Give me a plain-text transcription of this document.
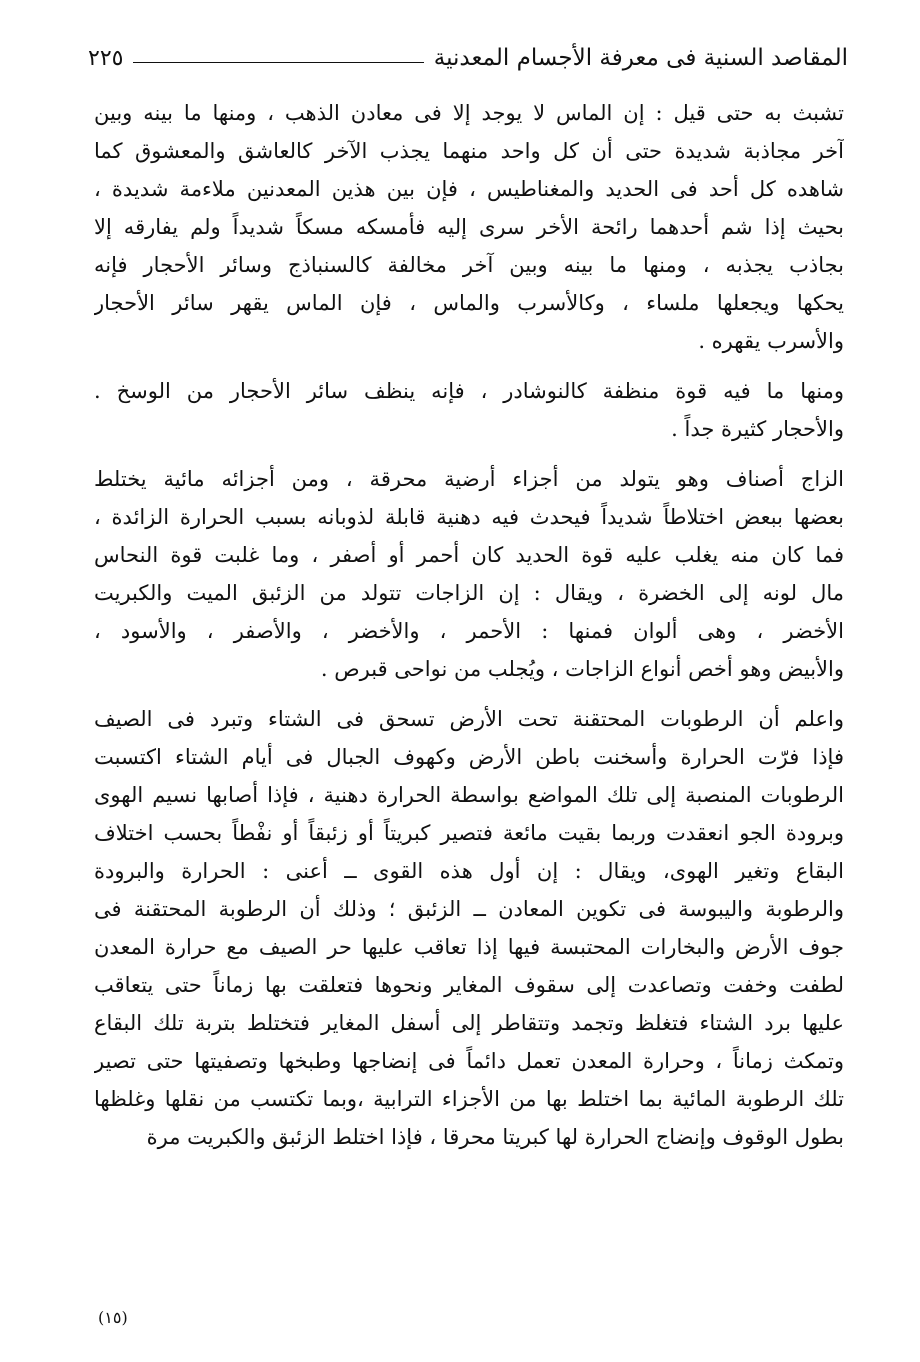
المقاصد السنية فى معرفة الأجسام المعدنية
٢٢٥
تشبث به حتى قيل : إن الماس لا يوجد إلا فى معادن الذهب ، ومنها ما بينه وبين
آخر مجاذبة شديدة حتى أن كل واحد منهما يجذب الآخر كالعاشق والمعشوق كما
شاهده كل أحد فى الحديد والمغناطيس ، فإن بين هذين المعدنين ملاءمة شديدة ،
بحيث إذا شم أحدهما رائحة الأخر سرى إليه فأمسكه مسكاً شديداً ولم يفارقه إلا
بجاذب يجذبه ، ومنها ما بينه وبين آخر مخالفة كالسنباذج وسائر الأحجار فإنه
يحكها ويجعلها ملساء ، وكالأسرب والماس ، فإن الماس يقهر سائر الأحجار
والأسرب يقهره .
ومنها ما فيه قوة منظفة كالنوشادر ، فإنه ينظف سائر الأحجار من الوسخ .
والأحجار كثيرة جداً .
الزاج أصناف وهو يتولد من أجزاء أرضية محرقة ، ومن أجزائه مائية يختلط
بعضها ببعض اختلاطاً شديداً فيحدث فيه دهنية قابلة لذوبانه بسبب الحرارة الزائدة ،
فما كان منه يغلب عليه قوة الحديد كان أحمر أو أصفر ، وما غلبت قوة النحاس
مال لونه إلى الخضرة ، ويقال : إن الزاجات تتولد من الزئبق الميت والكبريت
الأخضر ، وهى ألوان فمنها : الأحمر ، والأخضر ، والأصفر ، والأسود ،
والأبيض وهو أخص أنواع الزاجات ، ويُجلب من نواحى قبرص .
واعلم أن الرطوبات المحتقنة تحت الأرض تسحق فى الشتاء وتبرد فى الصيف
فإذا فرّت الحرارة وأسخنت باطن الأرض وكهوف الجبال فى أيام الشتاء اكتسبت
الرطوبات المنصبة إلى تلك المواضع بواسطة الحرارة دهنية ، فإذا أصابها نسيم الهوى
وبرودة الجو انعقدت وربما بقيت مائعة فتصير كبريتاً أو زئبقاً أو نفْطاً بحسب اختلاف
البقاع وتغير الهوى، ويقال : إن أول هذه القوى ــ أعنى : الحرارة والبرودة
والرطوبة واليبوسة فى تكوين المعادن ــ الزئبق ؛ وذلك أن الرطوبة المحتقنة فى
جوف الأرض والبخارات المحتبسة فيها إذا تعاقب عليها حر الصيف مع حرارة المعدن
لطفت وخفت وتصاعدت إلى سقوف المغاير ونحوها فتعلقت بها زماناً حتى يتعاقب
عليها برد الشتاء فتغلظ وتجمد وتتقاطر إلى أسفل المغاير فتختلط بتربة تلك البقاع
وتمكث زماناً ، وحرارة المعدن تعمل دائماً فى إنضاجها وطبخها وتصفيتها حتى تصير
تلك الرطوبة المائية بما اختلط بها من الأجزاء الترابية ،وبما تكتسب من نقلها وغلظها
بطول الوقوف وإنضاج الحرارة لها كبريتا محرقا ، فإذا اختلط الزئبق والكبريت مرة
(١٥)
